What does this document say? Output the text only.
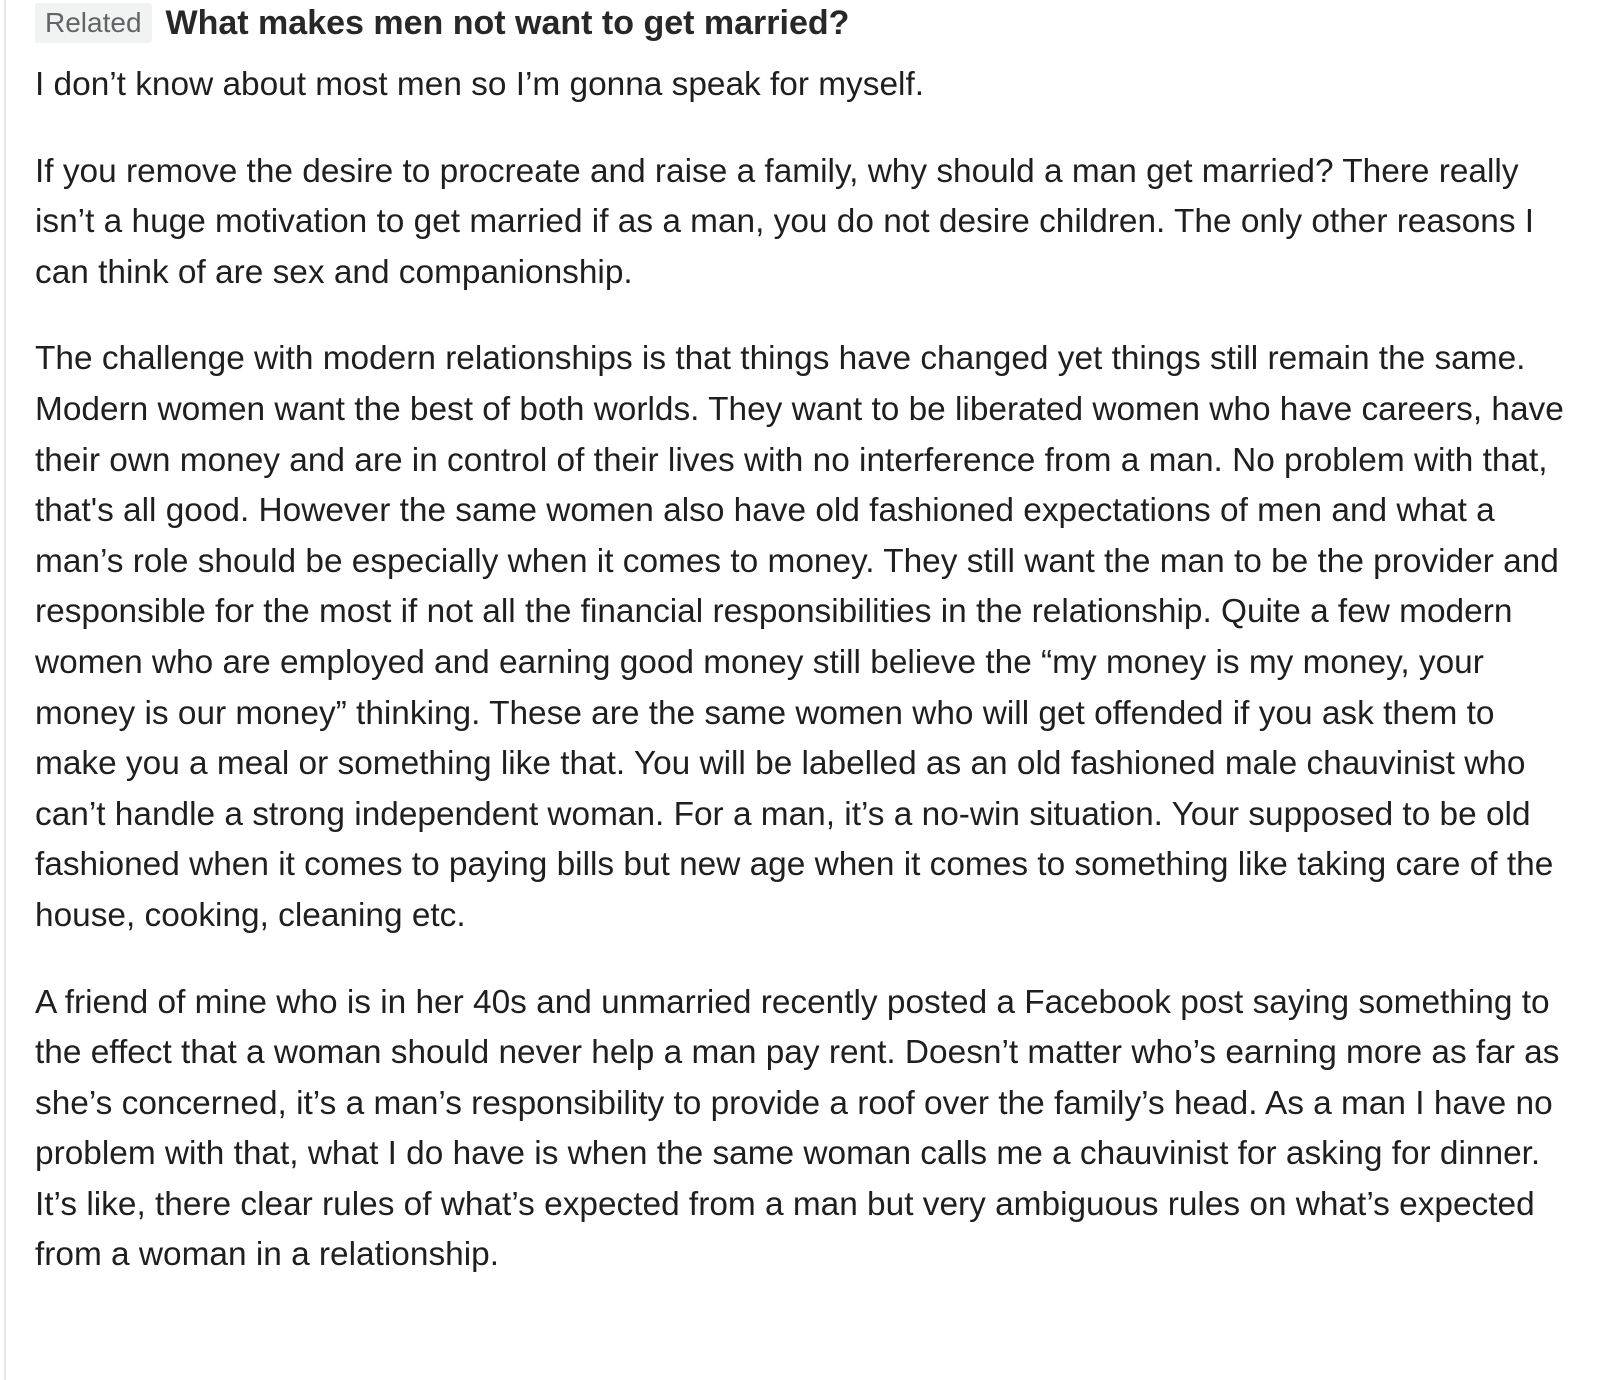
Related What makes men not want to get married?

I don’t know about most men so I’m gonna speak for myself.

If you remove the desire to procreate and raise a family, why should a man get married? There really isn’t a huge motivation to get married if as a man, you do not desire children. The only other reasons I can think of are sex and companionship.

The challenge with modern relationships is that things have changed yet things still remain the same. Modern women want the best of both worlds. They want to be liberated women who have careers, have their own money and are in control of their lives with no interference from a man. No problem with that, that's all good. However the same women also have old fashioned expectations of men and what a man’s role should be especially when it comes to money. They still want the man to be the provider and responsible for the most if not all the financial responsibilities in the relationship. Quite a few modern women who are employed and earning good money still believe the “my money is my money, your money is our money” thinking. These are the same women who will get offended if you ask them to make you a meal or something like that. You will be labelled as an old fashioned male chauvinist who can’t handle a strong independent woman. For a man, it’s a no-win situation. Your supposed to be old fashioned when it comes to paying bills but new age when it comes to something like taking care of the house, cooking, cleaning etc.

A friend of mine who is in her 40s and unmarried recently posted a Facebook post saying something to the effect that a woman should never help a man pay rent. Doesn’t matter who’s earning more as far as she’s concerned, it’s a man’s responsibility to provide a roof over the family’s head. As a man I have no problem with that, what I do have is when the same woman calls me a chauvinist for asking for dinner. It’s like, there clear rules of what’s expected from a man but very ambiguous rules on what’s expected from a woman in a relationship.
